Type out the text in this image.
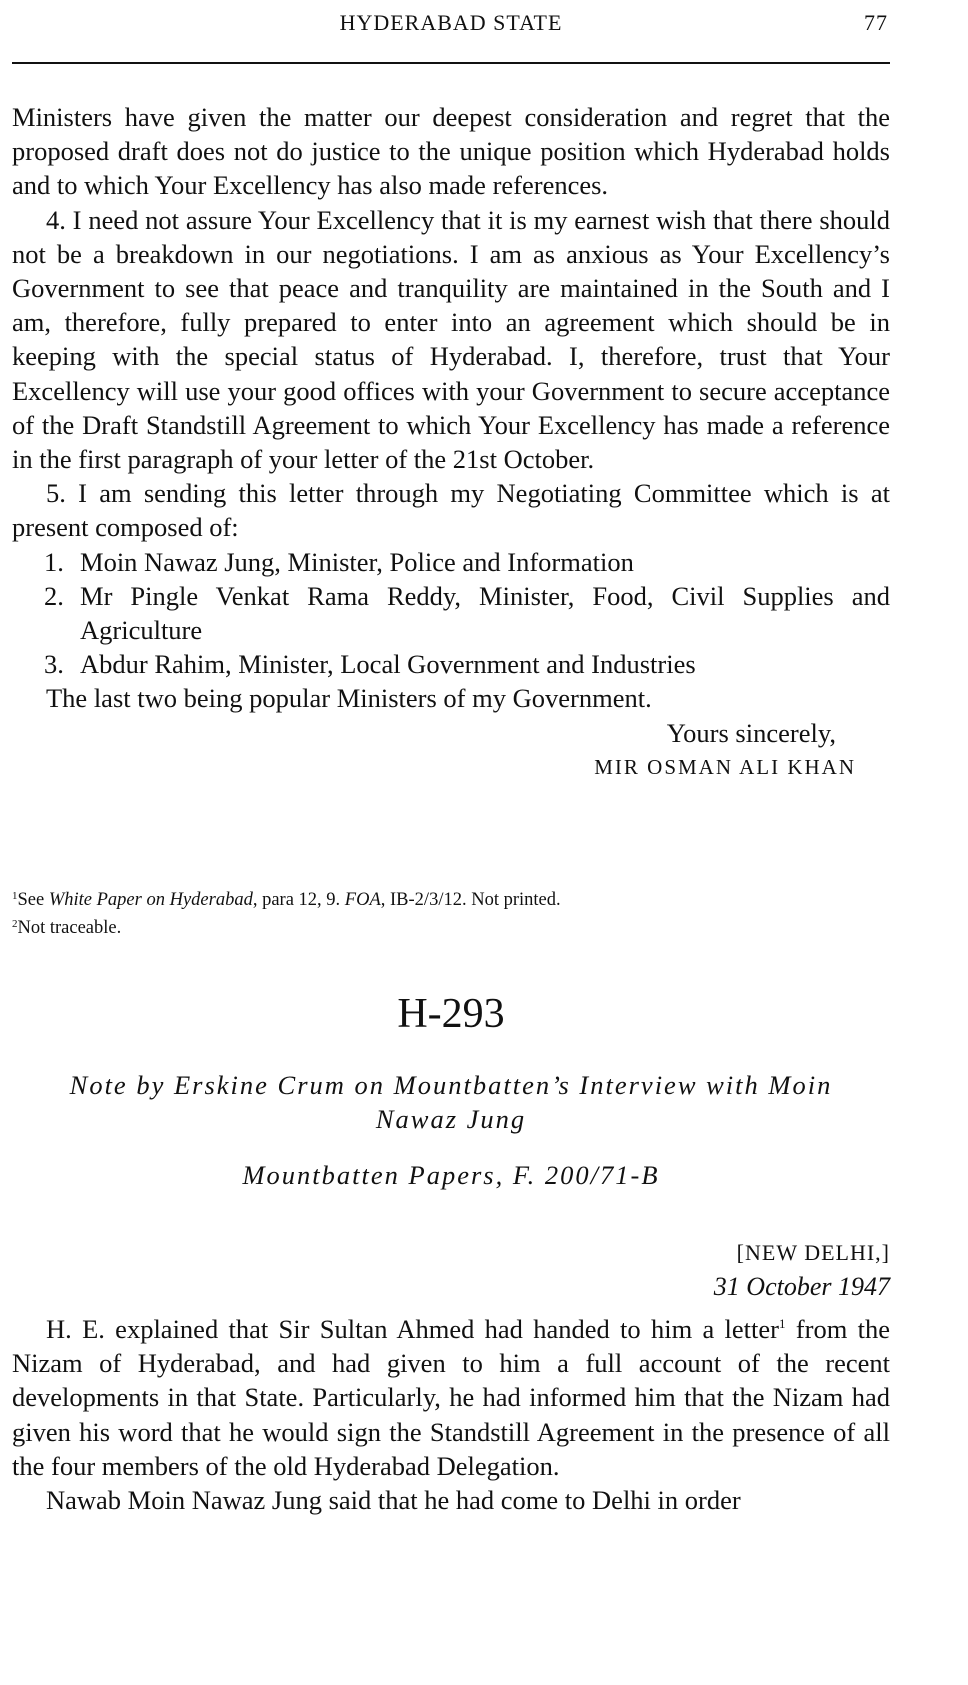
HYDERABAD STATE	77

Ministers have given the matter our deepest consideration and regret that the proposed draft does not do justice to the unique position which Hyderabad holds and to which Your Excellency has also made references.

4. I need not assure Your Excellency that it is my earnest wish that there should not be a breakdown in our negotiations. I am as anxious as Your Excellency’s Government to see that peace and tranquility are maintained in the South and I am, therefore, fully prepared to enter into an agreement which should be in keeping with the special status of Hyderabad. I, therefore, trust that Your Excellency will use your good offices with your Government to secure acceptance of the Draft Standstill Agreement to which Your Excellency has made a reference in the first paragraph of your letter of the 21st October.

5. I am sending this letter through my Negotiating Committee which is at present composed of:

1. Moin Nawaz Jung, Minister, Police and Information
2. Mr Pingle Venkat Rama Reddy, Minister, Food, Civil Supplies and Agriculture
3. Abdur Rahim, Minister, Local Government and Industries

The last two being popular Ministers of my Government.

Yours sincerely,

MIR OSMAN ALI KHAN

$^1$See White Paper on Hyderabad, para 12, 9. FOA, IB-2/3/12. Not printed.

$^2$Not traceable.

H-293
Note by Erskine Crum on Mountbatten’s Interview with Moin
Nawaz Jung
Mountbatten Papers, F. 200/71-B
[NEW DELHI,]
31 October 1947

H. E. explained that Sir Sultan Ahmed had handed to him a letter$^1$ from the Nizam of Hyderabad, and had given to him a full account of the recent developments in that State. Particularly, he had informed him that the Nizam had given his word that he would sign the Standstill Agreement in the presence of all the four members of the old Hyderabad Delegation.

Nawab Moin Nawaz Jung said that he had come to Delhi in order
